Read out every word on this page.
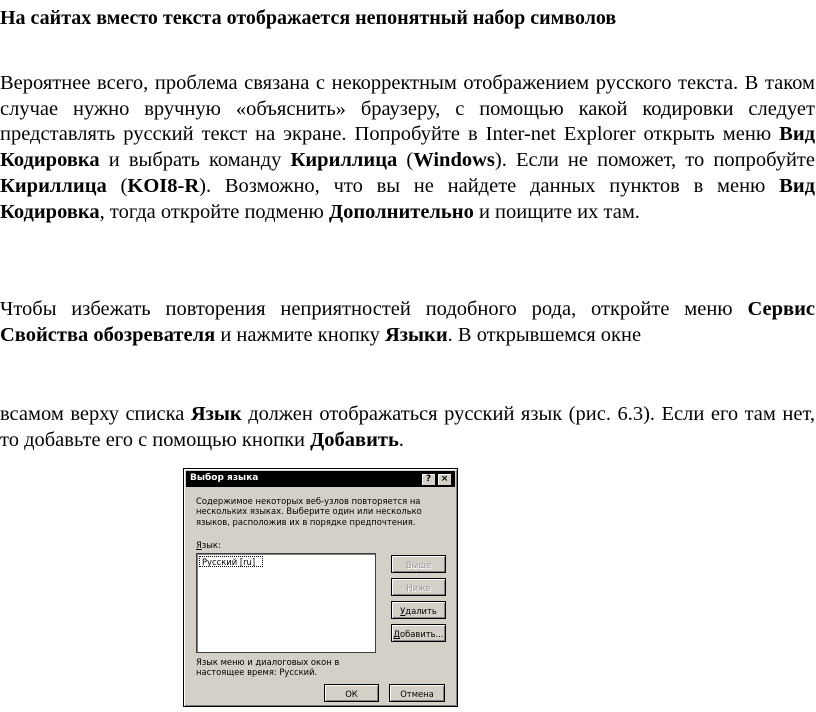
На сайтах вместо текста отображается непонятный набор символов
Вероятнее всего, проблема связана с некорректным отображением русского текста. В таком случае нужно вручную «объяснить» браузеру, с помощью какой кодировки следует представлять русский текст на экране. Попробуйте в Inter-net Explorer открыть меню Вид Кодировка и выбрать команду Кириллица (Windows). Если не поможет, то попробуйте Кириллица (KOI8-R). Возможно, что вы не найдете данных пунктов в меню Вид Кодировка, тогда откройте подменю Дополнительно и поищите их там.
Чтобы избежать повторения неприятностей подобного рода, откройте меню Сервис Свойства обозревателя и нажмите кнопку Языки. В открывшемся окне
всамом верху списка Язык должен отображаться русский язык (рис. 6.3). Если его там нет, то добавьте его с помощью кнопки Добавить.
Выбор языка	?	×
Содержимое некоторых веб-узлов повторяется на нескольких языках. Выберите один или несколько языков, расположив их в порядке предпочтения.
Язык:
Русский [ru]	Выше
Ниже
Удалить
Добавить...
Язык меню и диалоговых окон в настоящее время: Русский.
ОК	Отмена
